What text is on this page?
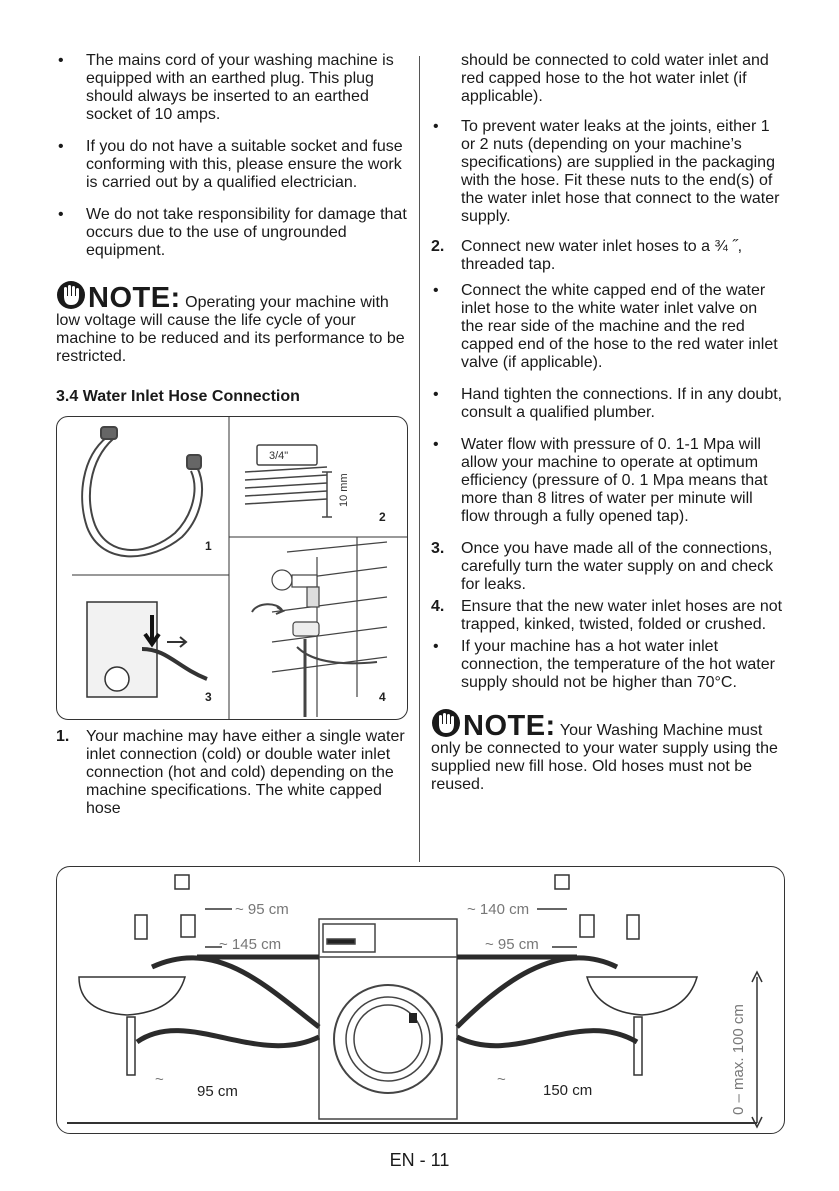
• The mains cord of your washing machine is equipped with an earthed plug. This plug should always be inserted to an earthed socket of 10 amps.
• If you do not have a suitable socket and fuse conforming with this, please ensure the work is carried out by a qualified electrician.
• We do not take responsibility for damage that occurs due to the use of ungrounded equipment.
NOTE: Operating your machine with low voltage will cause the life cycle of your machine to be reduced and its performance to be restricted.
3.4 Water Inlet Hose Connection
1
3/4"
10 mm
2
3	4
1. Your machine may have either a single water inlet connection (cold) or double water inlet connection (hot and cold) depending on the machine specifications. The white capped hose

should be connected to cold water inlet and red capped hose to the hot water inlet (if applicable).

• To prevent water leaks at the joints, either 1 or 2 nuts (depending on your machine’s specifications) are supplied in the packaging with the hose. Fit these nuts to the end(s) of the water inlet hose that connect to the water supply.
2. Connect new water inlet hoses to a ¾ ˝, threaded tap.
• Connect the white capped end of the water inlet hose to the white water inlet valve on the rear side of the machine and the red capped end of the hose to the red water inlet valve (if applicable).
• Hand tighten the connections. If in any doubt, consult a qualified plumber.
• Water flow with pressure of 0. 1-1 Mpa will allow your machine to operate at optimum efficiency (pressure of 0. 1 Mpa means that more than 8 litres of water per minute will flow through a fully opened tap).
3. Once you have made all of the connections, carefully turn the water supply on and check for leaks.
4. Ensure that the new water inlet hoses are not trapped, kinked, twisted, folded or crushed.
• If your machine has a hot water inlet connection, the temperature of the hot water supply should not be higher than 70°C.
NOTE: Your Washing Machine must only be connected to your water supply using the supplied new fill hose. Old hoses must not be reused.
~ 95 cm
~ 145 cm
~ 140 cm
~ 95 cm
~
95 cm
~
150 cm	0 – max. 100 cm
EN - 11
